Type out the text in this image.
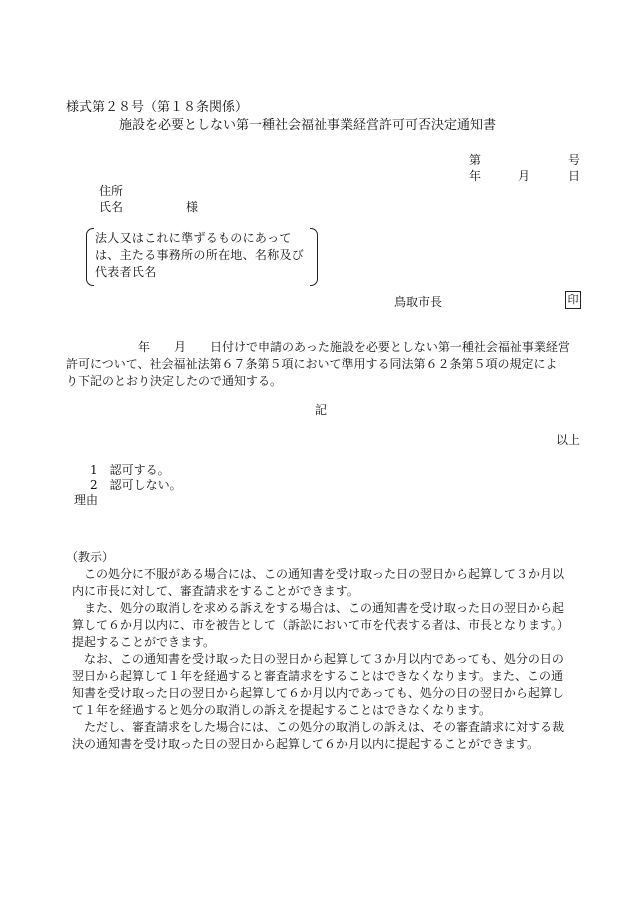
様式第２８号（第１８条関係）
施設を必要としない第一種社会福祉事業経営許可可否決定通知書
第	号
年	月	日
住所
氏名	様
法人又はこれに準ずるものにあって
は、主たる事務所の所在地、名称及び
代表者氏名
鳥取市長	印
　　　　　　年　　月　　日付けで申請のあった施設を必要としない第一種社会福祉事業経営
許可について、社会福祉法第６７条第５項において準用する同法第６２条第５項の規定によ
り下記のとおり決定したので通知する。
記
以上
1　認可する。
2　認可しない。
理由
（教示）
　この処分に不服がある場合には、この通知書を受け取った日の翌日から起算して３か月以
内に市長に対して、審査請求をすることができます。
　また、処分の取消しを求める訴えをする場合は、この通知書を受け取った日の翌日から起
算して６か月以内に、市を被告として（訴訟において市を代表する者は、市長となります。）
提起することができます。
　なお、この通知書を受け取った日の翌日から起算して３か月以内であっても、処分の日の
翌日から起算して１年を経過すると審査請求をすることはできなくなります。また、この通
知書を受け取った日の翌日から起算して６か月以内であっても、処分の日の翌日から起算し
て１年を経過すると処分の取消しの訴えを提起することはできなくなります。
　ただし、審査請求をした場合には、この処分の取消しの訴えは、その審査請求に対する裁
決の通知書を受け取った日の翌日から起算して６か月以内に提起することができます。
